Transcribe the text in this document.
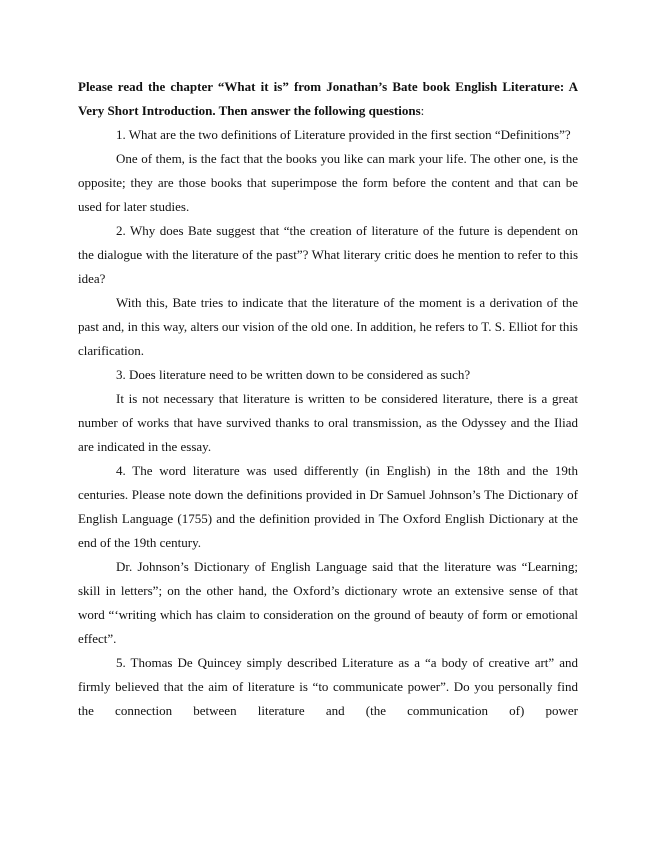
Please read the chapter “What it is” from Jonathan’s Bate book English Literature: A Very Short Introduction. Then answer the following questions:

1. What are the two definitions of Literature provided in the first section “Definitions”?

One of them, is the fact that the books you like can mark your life. The other one, is the opposite; they are those books that superimpose the form before the content and that can be used for later studies.

2. Why does Bate suggest that “the creation of literature of the future is dependent on the dialogue with the literature of the past”? What literary critic does he mention to refer to this idea?

With this, Bate tries to indicate that the literature of the moment is a derivation of the past and, in this way, alters our vision of the old one. In addition, he refers to T. S. Elliot for this clarification.

3. Does literature need to be written down to be considered as such?

It is not necessary that literature is written to be considered literature, there is a great number of works that have survived thanks to oral transmission, as the Odyssey and the Iliad are indicated in the essay.

4. The word literature was used differently (in English) in the 18th and the 19th centuries. Please note down the definitions provided in Dr Samuel Johnson’s The Dictionary of English Language (1755) and the definition provided in The Oxford English Dictionary at the end of the 19th century.

Dr. Johnson’s Dictionary of English Language said that the literature was “Learning; skill in letters”; on the other hand, the Oxford’s dictionary wrote an extensive sense of that word “‘writing which has claim to consideration on the ground of beauty of form or emotional effect”.

5. Thomas De Quincey simply described Literature as a “a body of creative art” and firmly believed that the aim of literature is “to communicate power”. Do you personally find the connection between literature and (the communication of) power
